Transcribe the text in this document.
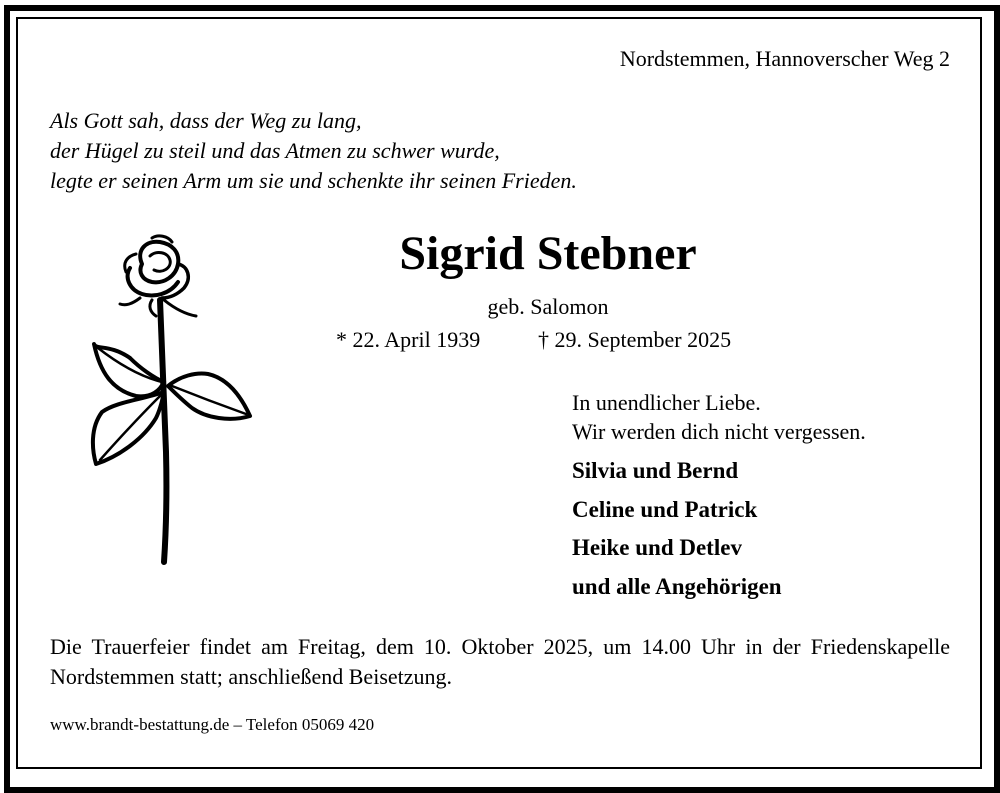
Nordstemmen, Hannoverscher Weg 2
Als Gott sah, dass der Weg zu lang,
der Hügel zu steil und das Atmen zu schwer wurde,
legte er seinen Arm um sie und schenkte ihr seinen Frieden.
Sigrid Stebner
geb. Salomon
* 22. April 1939	† 29. September 2025
In unendlicher Liebe.
Wir werden dich nicht vergessen.
Silvia und Bernd
Celine und Patrick
Heike und Detlev
und alle Angehörigen
Die Trauerfeier findet am Freitag, dem 10. Oktober 2025, um 14.00 Uhr in der Friedenskapelle Nordstemmen statt; anschließend Beisetzung.
www.brandt-bestattung.de – Telefon 05069 420
